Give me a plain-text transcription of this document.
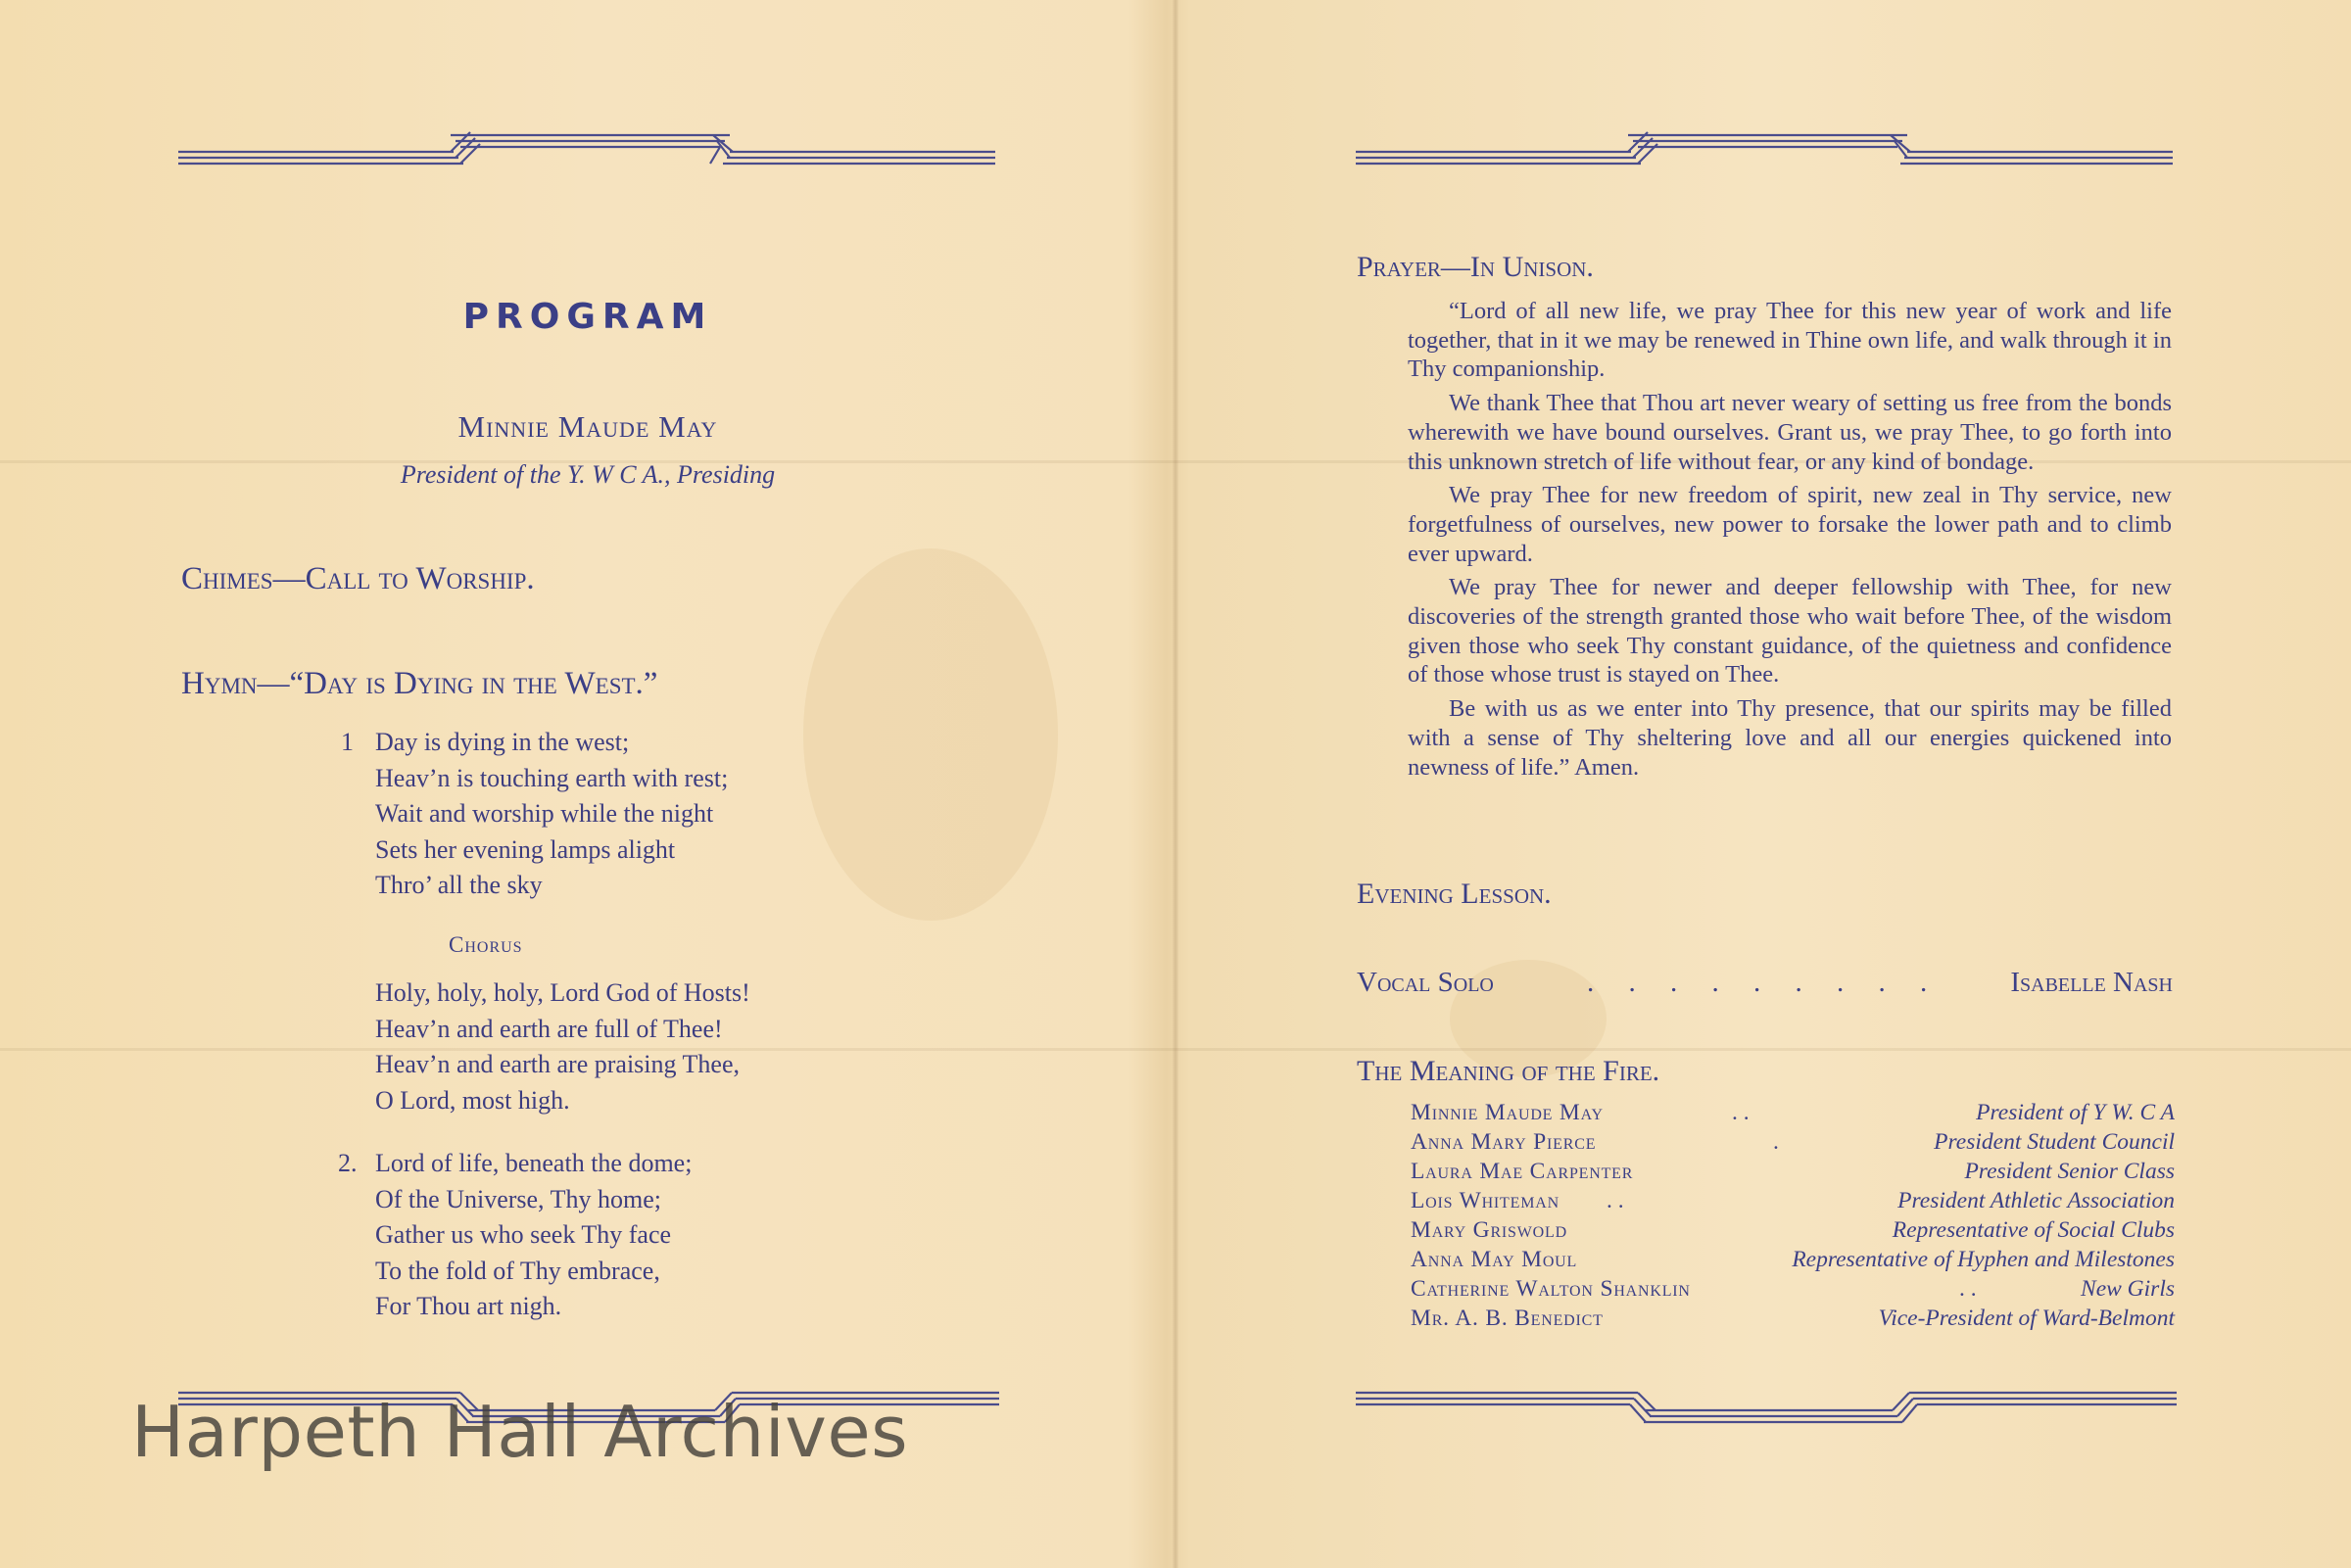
PROGRAM
Minnie Maude May
President of the Y. W C A., Presiding
Chimes—Call to Worship.
Hymn—“Day is Dying in the West.”
1 Day is dying in the west;
Heav’n is touching earth with rest;
Wait and worship while the night
Sets her evening lamps alight
Thro’ all the sky
Chorus
Holy, holy, holy, Lord God of Hosts!
Heav’n and earth are full of Thee!
Heav’n and earth are praising Thee,
O Lord, most high.
2. Lord of life, beneath the dome;
Of the Universe, Thy home;
Gather us who seek Thy face
To the fold of Thy embrace,
For Thou art nigh.
Prayer—In Unison.

“Lord of all new life, we pray Thee for this new year of work and life together, that in it we may be renewed in Thine own life, and walk through it in Thy companionship.

We thank Thee that Thou art never weary of setting us free from the bonds wherewith we have bound ourselves. Grant us, we pray Thee, to go forth into this unknown stretch of life without fear, or any kind of bondage.

We pray Thee for new freedom of spirit, new zeal in Thy service, new forgetfulness of ourselves, new power to forsake the lower path and to climb ever upward.

We pray Thee for newer and deeper fellowship with Thee, for new discoveries of the strength granted those who wait before Thee, of the wisdom given those who seek Thy constant guidance, of the quietness and confidence of those whose trust is stayed on Thee.

Be with us as we enter into Thy presence, that our spirits may be filled with a sense of Thy sheltering love and all our energies quickened into newness of life.” Amen.

Evening Lesson.
Vocal Solo	. . . . . . . . . Isabelle Nash
The Meaning of the Fire.
Minnie Maude May	. .	President of Y W. C A
Anna Mary Pierce	.	President Student Council
Laura Mae Carpenter	President Senior Class
Lois Whiteman . .	President Athletic Association
Mary Griswold	Representative of Social Clubs
Anna May Moul	Representative of Hyphen and Milestones
Catherine Walton Shanklin	. .	New Girls
Mr. A. B. Benedict	Vice-President of Ward-Belmont
Harpeth Hall Archives
